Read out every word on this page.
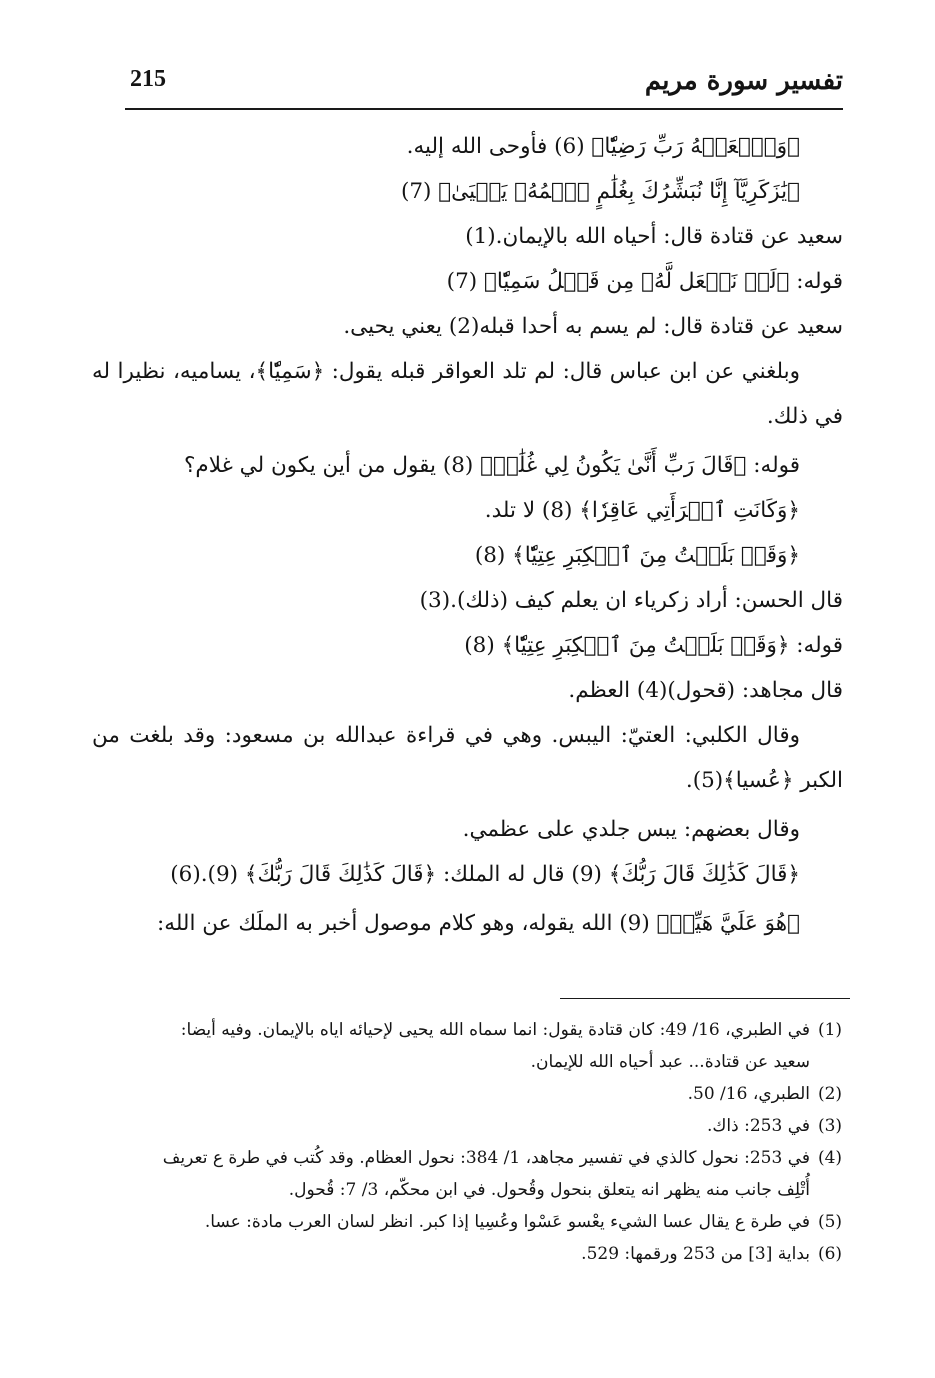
تفسير سورة مريم
215
﴿وَٱجۡعَلۡهُ رَبِّ رَضِيّٗا﴾ (6) فأوحى الله إليه.
﴿يَٰزَكَرِيَّآ إِنَّا نُبَشِّرُكَ بِغُلَٰمٍ ٱسۡمُهُۥ يَحۡيَىٰ﴾ (7)
سعيد عن قتادة قال: أحياه الله بالإيمان.(1)
قوله: ﴿لَمۡ نَجۡعَل لَّهُۥ مِن قَبۡلُ سَمِيّٗا﴾ (7)
سعيد عن قتادة قال: لم يسم به أحدا قبله(2) يعني يحيى.
وبلغني عن ابن عباس قال: لم تلد العواقر قبله يقول: ﴿سَمِيّٗا﴾، يساميه، نظيرا له في ذلك.
قوله: ﴿قَالَ رَبِّ أَنَّىٰ يَكُونُ لِي غُلَٰمٞ﴾ (8) يقول من أين يكون لي غلام؟
﴿وَكَانَتِ ٱمۡرَأَتِي عَاقِرٗا﴾ (8) لا تلد.
﴿وَقَدۡ بَلَغۡتُ مِنَ ٱلۡكِبَرِ عِتِيّٗا﴾ (8)
قال الحسن: أراد زكرياء ان يعلم كيف (ذلك).(3)
قوله: ﴿وَقَدۡ بَلَغۡتُ مِنَ ٱلۡكِبَرِ عِتِيّٗا﴾ (8)
قال مجاهد: (قحول)(4) العظم.
وقال الكلبي: العتيّ: اليبس. وهي في قراءة عبدالله بن مسعود: وقد بلغت من الكبر ﴿عُسيا﴾(5).
وقال بعضهم: يبس جلدي على عظمي.
﴿قَالَ كَذَٰلِكَ قَالَ رَبُّكَ﴾ (9) قال له الملك: ﴿قَالَ كَذَٰلِكَ قَالَ رَبُّكَ﴾ (9).(6)
﴿هُوَ عَلَيَّ هَيِّنٞ﴾ (9) الله يقوله، وهو كلام موصول أخبر به الملَك عن الله:
(1)
في الطبري، 16/ 49: كان قتادة يقول: انما سماه الله يحيى لإحيائه اياه بالإيمان. وفيه أيضا: سعيد عن قتادة... عبد أحياه الله للإيمان.
(2)
الطبري، 16/ 50.
(3)
في 253: ذاك.
(4)
في 253: نحول كالذي في تفسير مجاهد، 1/ 384: نحول العظام. وقد كُتب في طرة ع تعريف أُتْلِف جانب منه يظهر انه يتعلق بنحول وقُحول. في ابن محكّم، 3/ 7: قُحول.
(5)
في طرة ع يقال عسا الشيء يعْسو عَسْوا وعُسِيا إذا كبر. انظر لسان العرب مادة: عسا.
(6)
بداية [3] من 253 ورقمها: 529.
